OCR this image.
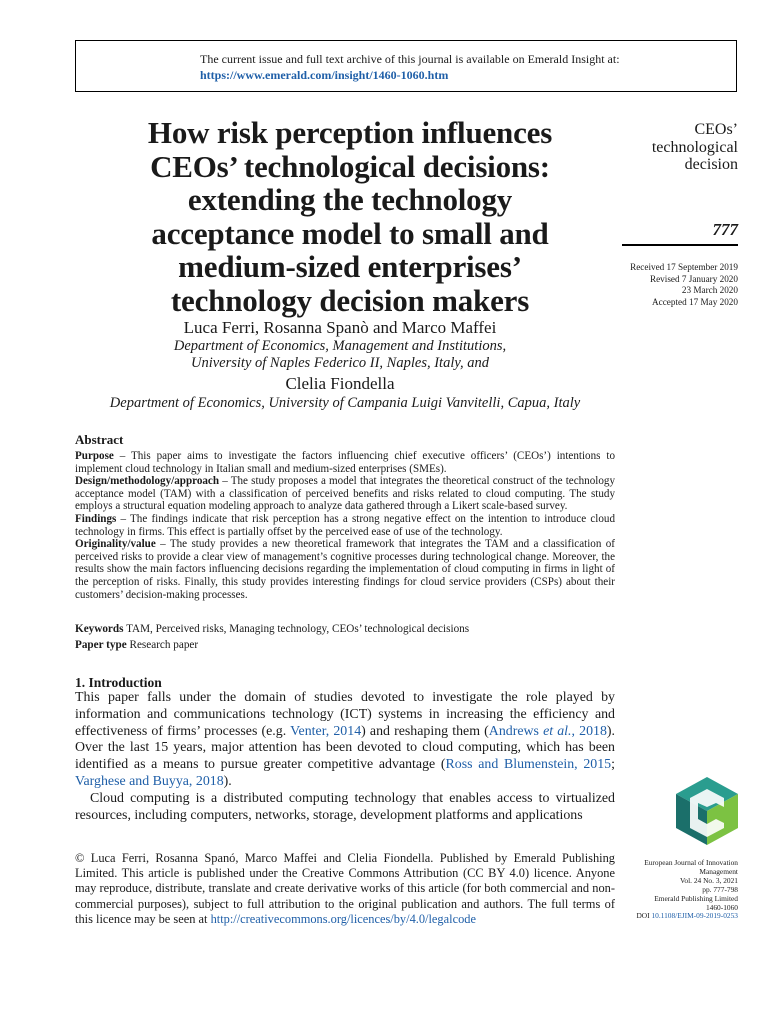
The current issue and full text archive of this journal is available on Emerald Insight at:
https://www.emerald.com/insight/1460-1060.htm
How risk perception influences
CEOs’ technological decisions:
extending the technology
acceptance model to small and
medium-sized enterprises’
technology decision makers
CEOs’
technological
decision
777
Received 17 September 2019
Revised 7 January 2020
23 March 2020
Accepted 17 May 2020
Luca Ferri, Rosanna Spanò and Marco Maffei
Department of Economics, Management and Institutions,
University of Naples Federico II, Naples, Italy, and
Clelia Fiondella
Department of Economics, University of Campania Luigi Vanvitelli, Capua, Italy
Abstract

Purpose – This paper aims to investigate the factors influencing chief executive officers’ (CEOs’) intentions to implement cloud technology in Italian small and medium-sized enterprises (SMEs).

Design/methodology/approach – The study proposes a model that integrates the theoretical construct of the technology acceptance model (TAM) with a classification of perceived benefits and risks related to cloud computing. The study employs a structural equation modeling approach to analyze data gathered through a Likert scale-based survey.

Findings – The findings indicate that risk perception has a strong negative effect on the intention to introduce cloud technology in firms. This effect is partially offset by the perceived ease of use of the technology.

Originality/value – The study provides a new theoretical framework that integrates the TAM and a classification of perceived risks to provide a clear view of management’s cognitive processes during technological change. Moreover, the results show the main factors influencing decisions regarding the implementation of cloud computing in firms in light of the perception of risks. Finally, this study provides interesting findings for cloud service providers (CSPs) about their customers’ decision-making processes.

Keywords TAM, Perceived risks, Managing technology, CEOs’ technological decisions
Paper type Research paper
1. Introduction

This paper falls under the domain of studies devoted to investigate the role played by information and communications technology (ICT) systems in increasing the efficiency and effectiveness of firms’ processes (e.g. Venter, 2014) and reshaping them (Andrews et al., 2018). Over the last 15 years, major attention has been devoted to cloud computing, which has been identified as a means to pursue greater competitive advantage (Ross and Blumenstein, 2015; Varghese and Buyya, 2018).

Cloud computing is a distributed computing technology that enables access to virtualized resources, including computers, networks, storage, development platforms and applications

© Luca Ferri, Rosanna Spanó, Marco Maffei and Clelia Fiondella. Published by Emerald Publishing Limited. This article is published under the Creative Commons Attribution (CC BY 4.0) licence. Anyone may reproduce, distribute, translate and create derivative works of this article (for both commercial and non-commercial purposes), subject to full attribution to the original publication and authors. The full terms of this licence may be seen at http://creativecommons.org/licences/by/4.0/legalcode
European Journal of Innovation
Management
Vol. 24 No. 3, 2021
pp. 777-798
Emerald Publishing Limited
1460-1060
DOI 10.1108/EJIM-09-2019-0253
